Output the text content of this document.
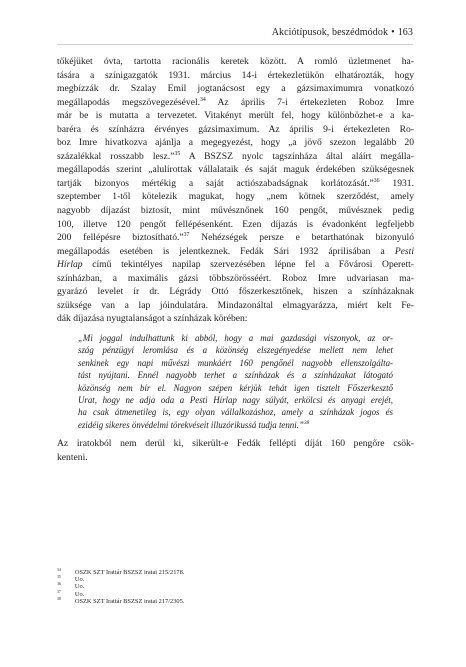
Akciótípusok, beszédmódok • 163
tőkéjüket óvta, tartotta racionális keretek között. A romló üzletmenet ha-
tására a színigazgatók 1931. március 14-i értekezletükön elhatározták, hogy
megbízzák dr. Szalay Emil jogtanácsost egy a gázsimaximumra vonatkozó
megállapodás megszövegezésével.$^{34}$ Az április 7-i értekezleten Roboz Imre
már be is mutatta a tervezetet. Vitakényt merült fel, hogy különbözhet-e a ka-
baréra és színházra érvényes gázsimaximum. Az április 9-i értekezleten Ro-
boz Imre hivatkozva ajánlja a megegyezést, hogy „a jövő szezon legalább 20
százalékkal rosszabb lesz.”$^{35}$ A BSZSZ nyolc tagszínháza által aláírt megálla-
megállapodás szerint „alulírottak vállalataik és saját maguk érdekében szükségesnek
tartják bizonyos mértékig a saját actiószabadságnak korlátozását.”$^{36}$ 1931.
szeptember 1-től kötelezik magukat, hogy „nem kötnek szerződést, amely
nagyobb díjazást biztosít, mint művésznőnek 160 pengőt, művésznek pedig
100, illetve 120 pengőt fellépésenként. Ezen díjazás is évadonként legfeljebb
200 fellépésre biztosítható.”$^{37}$ Nehézségek persze e betarthatónak bizonyuló
megállapodás esetében is jelentkeznek. Fedák Sári 1932 áprilisában a Pesti
Hírlap című tekintélyes napilap szervezésében lépne fel a Fővárosi Operett-
színházban, a maximális gázsi többszörösséért. Roboz Imre udvariasan ma-
gyarázó levelet ír dr. Légrády Ottó főszerkesztőnek, hiszen a színházaknak
szüksége van a lap jóindulatára. Mindazonáltal elmagyarázza, miért kelt Fe-
dák díjazása nyugtalanságot a színházak körében:
„Mi joggal indulhattunk ki abból, hogy a mai gazdasági viszonyok, az or-
szág pénzügyi leromlása és a közönség elszegényedése mellett nem lehet
senkinek egy napi művészi munkáért 160 pengőnél nagyobb ellenszolgálta-
tást nyújtani. Ennél nagyobb terhet a színházak és a színházakat látogató
közönség nem bír el. Nagyon szépen kérjük tehát igen tisztelt Főszerkesztő
Urat, hogy ne adja oda a Pesti Hírlap nagy súlyát, erkölcsi és anyagi erejét,
ha csak átmenetileg is, egy olyan vállalkozáshoz, amely a színházak jogos és
ezidéig sikeres önvédelmi törekvéseit illuzórikussá tudja tenni.”$^{38}$
Az iratokból nem derül ki, sikerült-e Fedák fellépti díját 160 pengőre csök-
kenteni.
$^{34}$ OSZK SZT Irattár BSZSZ iratai 215/2178.
$^{35}$ Uo.
$^{36}$ Uo.
$^{37}$ Uo.
$^{38}$ OSZK SZT Irattár BSZSZ iratai 217/2305.
